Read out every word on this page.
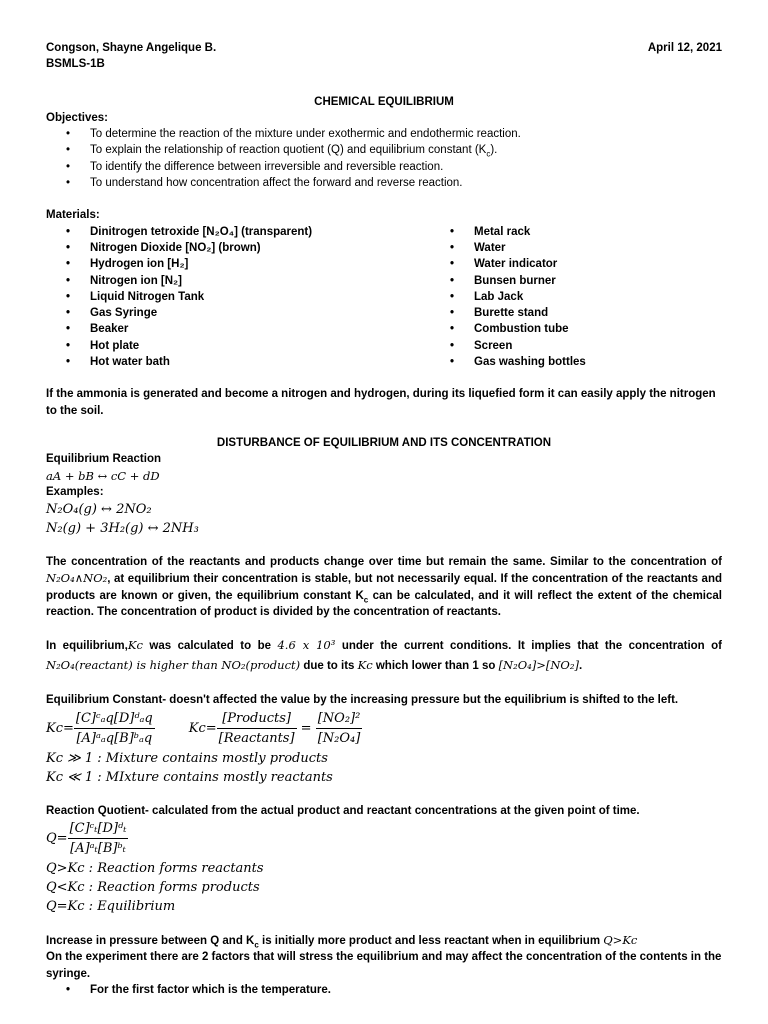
Congson, Shayne Angelique B.	April 12, 2021
BSMLS-1B
CHEMICAL EQUILIBRIUM
Objectives:
• To determine the reaction of the mixture under exothermic and endothermic reaction.
• To explain the relationship of reaction quotient (Q) and equilibrium constant $(K_c)$.
• To identify the difference between irreversible and reversible reaction.
• To understand how concentration affect the forward and reverse reaction.
Materials:
• Dinitrogen tetroxide [N₂O₄] (transparent)
• Nitrogen Dioxide [NO₂] (brown)
• Hydrogen ion [H₂]
• Nitrogen ion [N₂]
• Liquid Nitrogen Tank
• Gas Syringe
• Beaker
• Hot plate
• Hot water bath
• Metal rack
• Water
• Water indicator
• Bunsen burner
• Lab Jack
• Burette stand
• Combustion tube
• Screen
• Gas washing bottles
If the ammonia is generated and become a nitrogen and hydrogen, during its liquefied form it can easily apply the nitrogen to the soil.
DISTURBANCE OF EQUILIBRIUM AND ITS CONCENTRATION
Equilibrium Reaction
aA + bB ↔ cC + dD
Examples:
N₂O₄(g) ↔ 2NO₂
N₂(g) + 3H₂(g) ↔ 2NH₃
The concentration of the reactants and products change over time but remain the same. Similar to the concentration of N₂O₄∧NO₂, at equilibrium their concentration is stable, but not necessarily equal. If the concentration of the reactants and products are known or given, the equilibrium constant $K_c$ can be calculated, and it will reflect the extent of the chemical reaction. The concentration of product is divided by the concentration of reactants.
In equilibrium,Kc was calculated to be 4.6 x 10³ under the current conditions. It implies that the concentration of N₂O₄(reactant) is higher than NO₂(product) due to its Kc which lower than 1 so [N₂O₄]>[NO₂].
Equilibrium Constant- doesn't affected the value by the increasing pressure but the equilibrium is shifted to the left.
$Kc= \frac{\text{[C]ᶜₐq[D]ᵈₐq}}{\text{[A]ᵃₐq[B]ᵇₐq}}$	$Kc= \frac{\text{[Products]}}{\text{[Reactants]}} = \frac{\text{[NO₂]²}}{\text{[N₂O₄]}}$
Kc ≫ 1 : Mixture contains mostly products
Kc ≪ 1 : MIxture contains mostly reactants
Reaction Quotient- calculated from the actual product and reactant concentrations at the given point of time.
$Q= \frac{\text{[C]ᶜₜ[D]ᵈₜ}}{\text{[A]ᵃₜ[B]ᵇₜ}}$
Q>Kc : Reaction forms reactants
Q<Kc : Reaction forms products
Q=Kc : Equilibrium
Increase in pressure between Q and $K_c$ is initially more product and less reactant when in equilibrium Q>Kc
On the experiment there are 2 factors that will stress the equilibrium and may affect the concentration of the contents in the syringe.
• For the first factor which is the temperature.
